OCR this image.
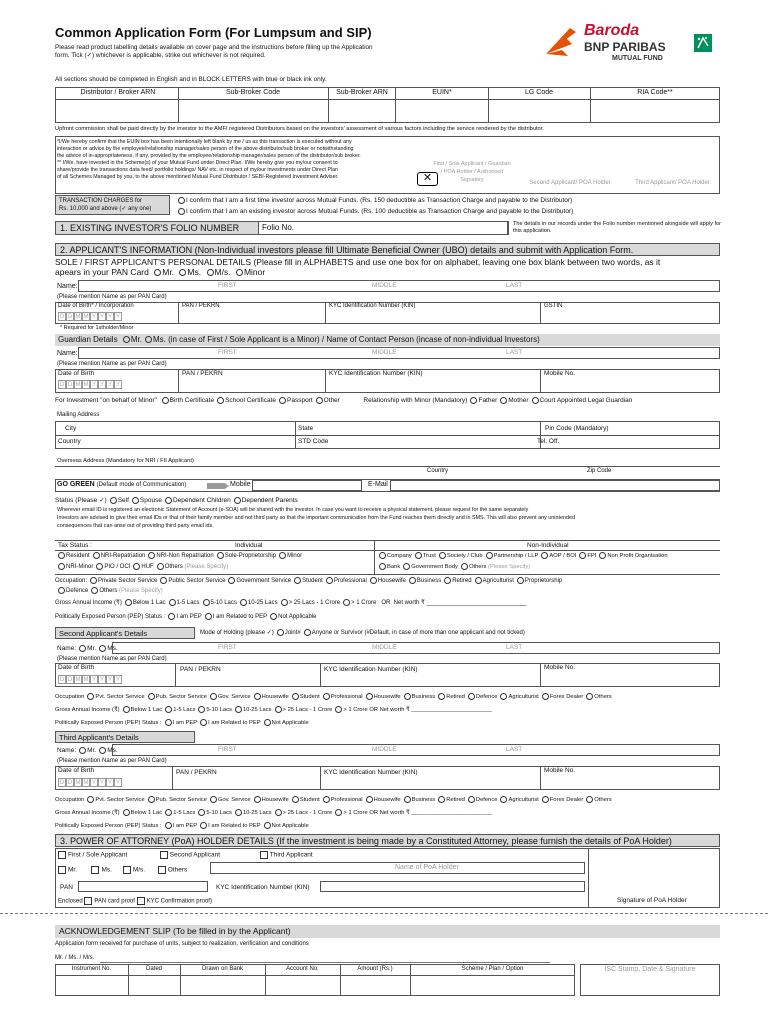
Common Application Form (For Lumpsum and SIP)
Please read product labelling details available on cover page and the instructions before filling up the Application
form. Tick (✓) whichever is applicable, strike out whichever is not required.
Baroda
BNP PARIBAS
MUTUAL FUND
All sections should be completed in English and in BLOCK LETTERS with blue or black ink only.
Distributor / Broker ARN	Sub-Broker Code	Sub-Broker ARN	EUIN*	LG Code	RIA Code**
Upfront commission shall be paid directly by the investor to the AMFI registered Distributors based on the investors' assessment of various factors including the service rendered by the distributor.
*I/We hereby confirm that the EUIN box has been intentionally left blank by me / us as this transaction is executed without any
interaction or advice by the employee/relationship manager/sales person of the above distributor/sub broker or notwithstanding
the advice of in-appropriateness, if any, provided by the employee/relationship manager/sales person of the distributor/sub broker.
** I/We, have invested in the Scheme(s) of your Mutual Fund under Direct Plan. I/We hereby give you my/our consent to
share/provide the transactions data feed/ portfolio holdings/ NAV etc. in respect of my/our investments under Direct Plan
of all Schemes Managed by you, to the above mentioned Mutual Fund Distributor / SEBI-Registered Investment Adviser.
First / Sole Applicant / Guardian / POA Holder / Authorised Signatory	Second Applicant/ POA Holder	Third Applicant/ POA Holder
✕
TRANSACTION CHARGES for
Rs. 10,000 and above (✓ any one)
I confirm that I am a first time investor across Mutual Funds. (Rs. 150 deductible as Transaction Charge and payable to the Distributor)
I confirm that I am an existing investor across Mutual Funds. (Rs. 100 deductible as Transaction Charge and payable to the Distributor)
1. EXISTING INVESTOR'S FOLIO NUMBER	Folio No.	The details in our records under the Folio number mentioned alongside will apply for this application.
2. APPLICANT'S INFORMATION (Non-Individual investors please fill Ultimate Beneficial Owner (UBO) details and submit with Application Form.
SOLE / FIRST APPLICANT'S PERSONAL DETAILS (Please fill in ALPHABETS and use one box for on alphabet, leaving one box blank between two words, as it
apears in your PAN Card Mr. Ms. M/s. Minor
Name:	FIRST	MIDDLE	LAST
(Please mention Name as per PAN Card)
Date of Birth* / Incorporation	PAN / PEKRN	KYC Identification Number (KIN)	GSTIN
D D M M Y Y Y Y
* Required for 1stholder/Minor
Guardian Details Mr. Ms. (in case of First / Sole Applicant is a Minor) / Name of Contact Person (incase of non-individual Investors)
Name:	FIRST	MIDDLE	LAST
(Please mention Name as per PAN Card)
Date of Birth	PAN / PEKRN	KYC Identification Number (KIN)	Mobile No.
D D M M Y Y Y Y
For Investment "on behalf of Minor" Birth Certificate School Certificate Passport Other	Relationship with Minor (Mandatory) Father Mother Court Appointed Legal Guardian
Mailing Address
City	State	Pin Code (Mandatory)
Country	STD Code	Tel. Off.
Overseas Address (Mandatory for NRI / FII Applicant)
Country	Zip Code
GO GREEN (Default mode of Communication)	Mobile	E-Mail
Status (Please ✓) Self Spouse Dependent Children Dependent Parents
Wherever email ID is registered an electronic Statement of Account (e-SOA) will be shared with the investor. In case you want to receive a physical statement, please request for the same separately
Investors are advised to give their email IDs or that of their family member and not third party so that the important communication from the Fund reaches them directly and in SMS. This will also prevent any unintended
consequences that can arise out of providing third party email ids.
Tax Status :	Individual	Non-Individual
Resident NRI-Repatriation NRI-Non Repatriation Sole-Proprietorship Minor
NRI-Minor PIO / OCI HUF Others (Please Specify)
Company Trust Society / Club Partnership / LLP AOP / BOI FPI Non Profit Organisation
Bank Government Body Others (Please Specify)
Occupation: Private Sector Service Public Sector Service Government Service Student Professional Housewife Business Retired Agriculturist Proprietorship
Defence Others (Please Specify)
Gross Annual Income (₹) Below 1 Lac 1-5 Lacs 5-10 Lacs 10-25 Lacs > 25 Lacs - 1 Crore > 1 Crore OR Net worth ₹ ______________________________
Politically Exposed Person (PEP) Status : I am PEP I am Related to PEP Not Applicable
Second Applicant's Details	Mode of Holding (please ✓) Joint# Anyone or Survivor (#Default, in case of more than one applicant and not ticked)
Name: Mr. Ms.	FIRST	MIDDLE	LAST
(Please mention Name as per PAN Card)
Date of Birth	PAN / PEKRN	KYC Identification Number (KIN)	Mobile No.
D D M M Y Y Y Y
Occupation Pvt. Sector Service Pub. Sector Service Gov. Service Housewife Student Professional Housewife Business Retired Defence Agriculturist Forex Dealer Others
Gross Annual Income (₹) Below 1 Lac 1-5 Lacs 5-10 Lacs 10-25 Lacs > 25 Lacs - 1 Crore > 1 Crore OR Net worth ₹ _________________________
Politically Exposed Person (PEP) Status : I am PEP I am Related to PEP Not Applicable
Third Applicant's Details
Name: Mr. Ms.	FIRST	MIDDLE	LAST
(Please mention Name as per PAN Card)
Date of Birth	PAN / PEKRN	KYC Identification Number (KIN)	Mobile No.
D D M M Y Y Y Y
Occupation Pvt. Sector Service Pub. Sector Service Gov. Service Housewife Student Professional Housewife Business Retired Defence Agriculturist Forex Dealer Others
Gross Annual Income (₹) Below 1 Lac 1-5 Lacs 5-10 Lacs 10-25 Lacs > 25 Lacs - 1 Crore > 1 Crore OR Net worth ₹ _________________________
Politically Exposed Person (PEP) Status : I am PEP I am Related to PEP Not Applicable
3. POWER OF ATTORNEY (PoA) HOLDER DETAILS (If the investment is being made by a Constituted Attorney, please furnish the details of PoA Holder)
First / Sole Applicant	Second Applicant	Third Applicant
Mr.	Ms.	M/s.	Others	Name of PoA Holder
PAN	KYC Identification Number (KIN)
Enclosed PAN card proof KYC Confirmation proof)	Signature of PoA Holder
ACKNOWLEDGEMENT SLIP (To be filled in by the Applicant)
Application form received for purchase of units, subject to realization, verification and conditions
Mr. / Ms. / M/s.
Instrument No.	Dated	Drawn on Bank	Account No.	Amount (Rs.)	Scheme / Plan / Option	ISC Stamp, Date & Signature
